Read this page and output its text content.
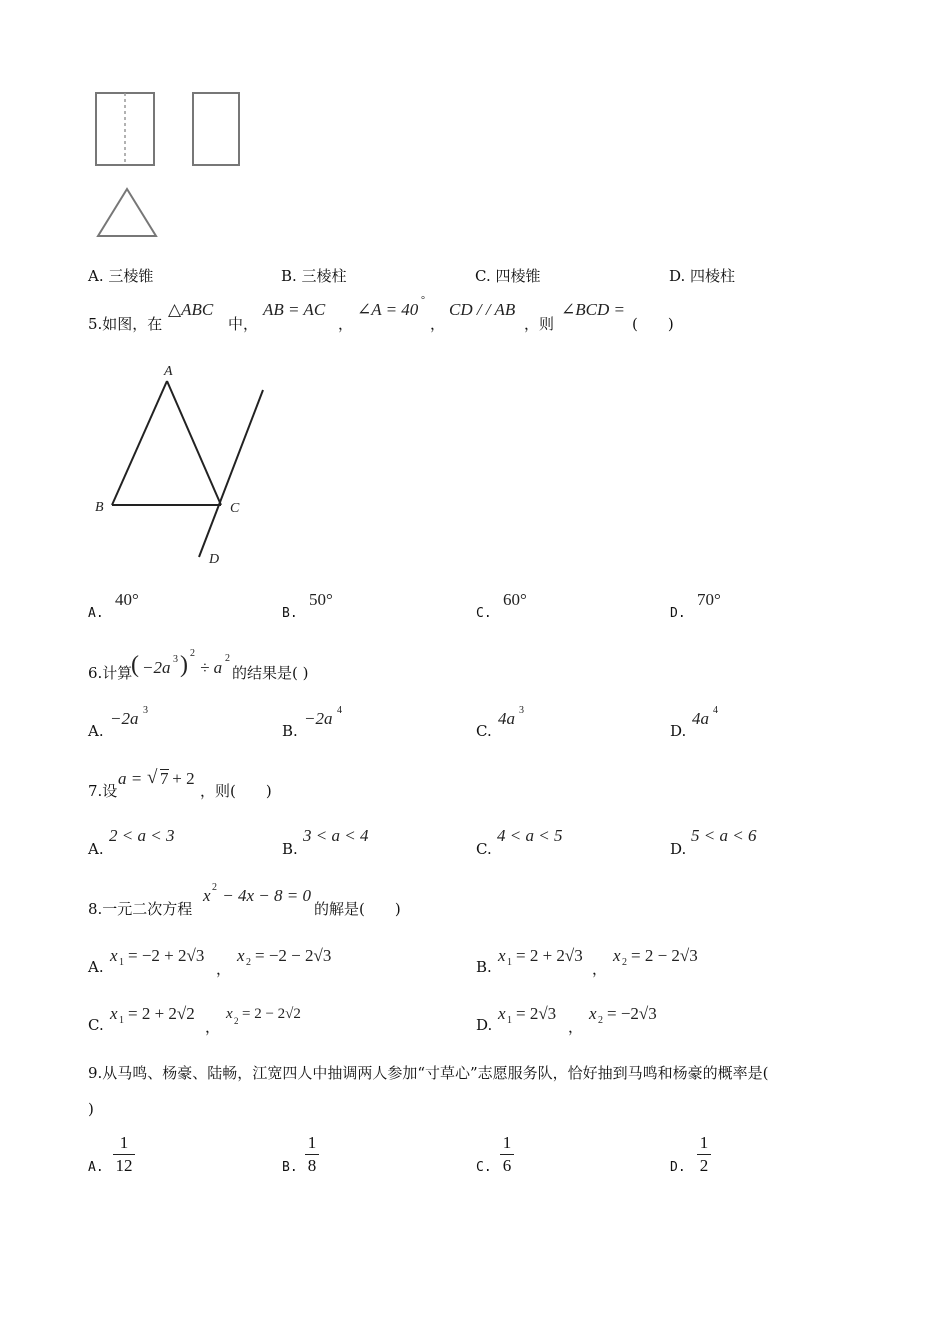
A. 三棱锥	B. 三棱柱	C. 四棱锥	D. 四棱柱
5.如图，在
△ABC
中，
AB = AC
，
∠A = 40 °
，
CD / / AB
，则
∠BCD =
(　　)
A
B	C
D
A.
40°
B.
50°
C.
60°
D.
70°
6.计算
( −2a 3 ) 2
÷ a 2
的结果是( )
A.
−2a 3
B.
−2a 4
C.
4a 3
D.
4a 4
7.设
a = √ 7 + 2
，则(　　)
A.
2 < a < 3
B.
3 < a < 4
C.
4 < a < 5
D.
5 < a < 6
8.一元二次方程
x 2 − 4x − 8 = 0
的解是(　　)
A.
x 1 = −2 + 2√3
，
x 2 = −2 − 2√3
B.
x 1 = 2 + 2√3
，
x 2 = 2 − 2√3
C.
x 1 = 2 + 2√2
，
x 2 = 2 − 2√2
D.
x 1 = 2√3
，
x 2 = −2√3
9.从马鸣、杨豪、陆畅，江宽四人中抽调两人参加“寸草心”志愿服务队，恰好抽到马鸣和杨豪的概率是(
)
A.
1
12	B.
1
8	C.
1
6	D.
1
2
